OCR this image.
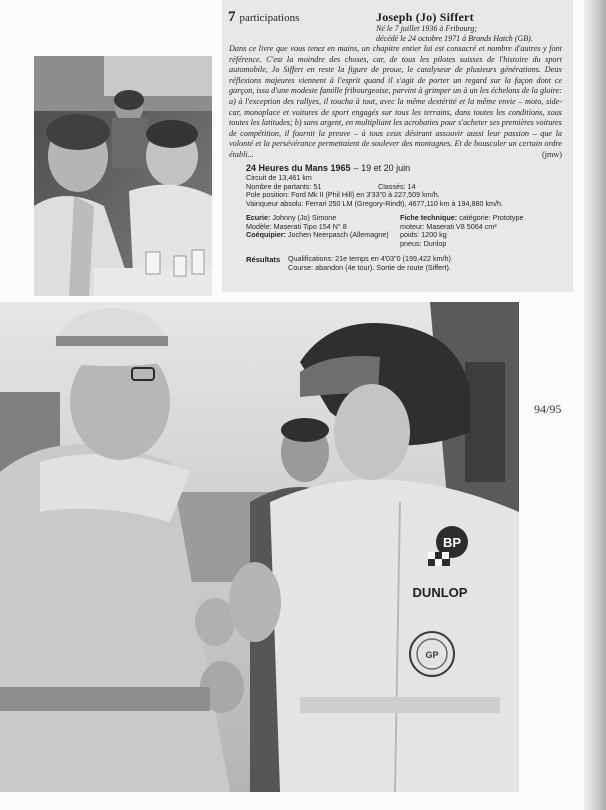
7 participations	Joseph (Jo) Siffert
Né le 7 juillet 1936 à Fribourg;
décédé le 24 octobre 1971 à Brands Hatch (GB).
Dans ce livre que vous tenez en mains, un chapitre entier lui est consacré et nombre d'autres y font référence. C'est la moindre des choses, car, de tous les pilotes suisses de l'histoire du sport automobile, Jo Siffert en reste la figure de proue, le catalyseur de plusieurs générations. Deux réflexions majeures viennent à l'esprit quand il s'agit de porter un regard sur la façon dont ce garçon, issu d'une modeste famille fribourgeoise, parvint à grimper un à un les échelons de la gloire: a) à l'exception des rallyes, il toucha à tout, avec la même dextérité et la même envie – moto, side-car, monoplace et voitures de sport engagés sur tous les terrains, dans toutes les conditions, sous toutes les latitudes; b) sans argent, en multipliant les acrobaties pour s'acheter ses premières voitures de compétition, il fournit la preuve – à tous ceux désirant assouvir aussi leur passion – que la volonté et la persévérance permettaient de soulever des montagnes. Et de bousculer un certain ordre établi...	(jmw)
24 Heures du Mans 1965 – 19 et 20 juin
Circuit de 13,461 km
Nombre de partants: 51	Classés: 14
Pole position: Ford Mk II (Phil Hill) en 3'33"0 à 227,509 km/h.
Vainqueur absolu: Ferrari 250 LM (Gregory-Rindt), 4677,110 km à 194,880 km/h.
Ecurie: Johnny (Jo) Simone
Modèle: Maserati Tipo 154 N° 8
Coéquipier: Jochen Neerpasch (Allemagne)
Fiche technique: catégorie: Prototype
moteur: Maserati V8 5064 cm³
poids: 1200 kg
pneus: Dunlop
Résultats Qualifications: 21e temps en 4'03"0 (199,422 km/h).
Course: abandon (4e tour). Sortie de route (Siffert).
BP
DUNLOP
GP
94/95
